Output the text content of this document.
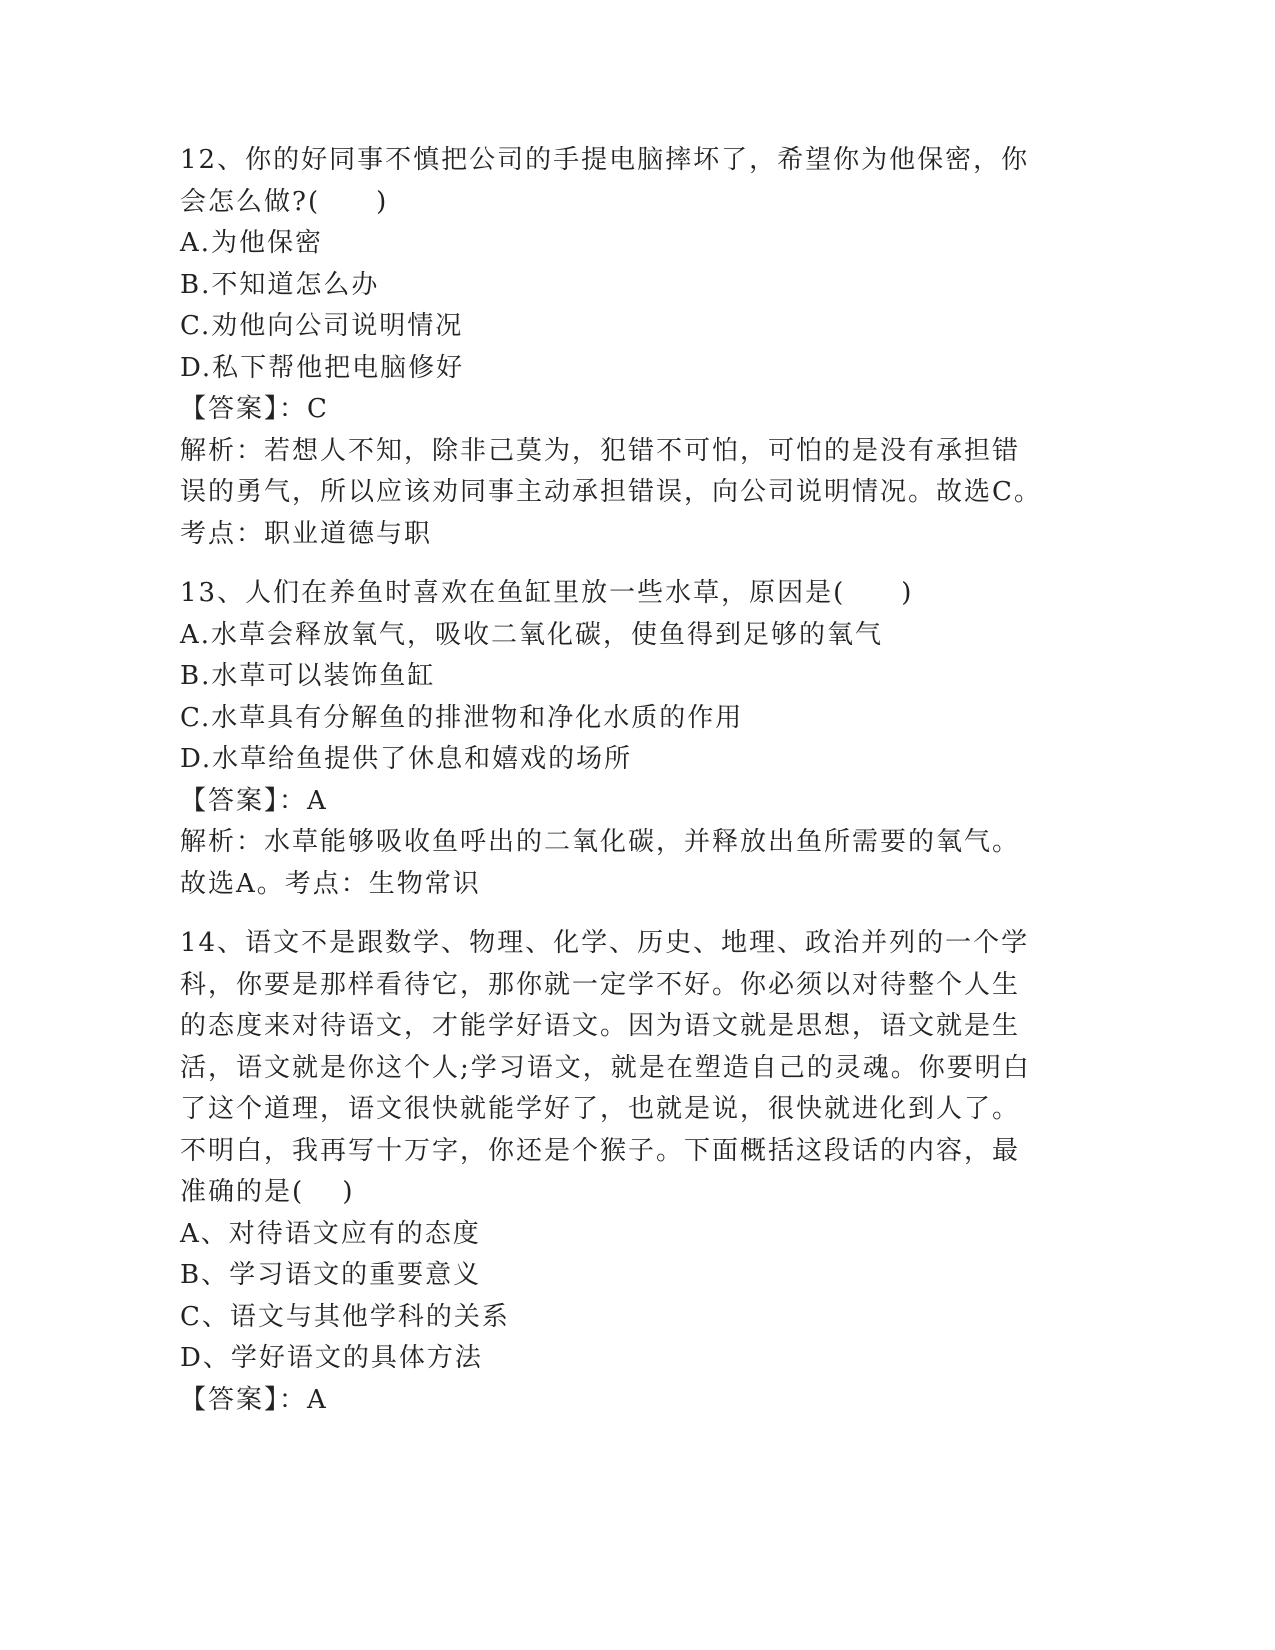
12、你的好同事不慎把公司的手提电脑摔坏了，希望你为他保密，你
会怎么做?(　　)
A.为他保密
B.不知道怎么办
C.劝他向公司说明情况
D.私下帮他把电脑修好
【答案】：C
解析：若想人不知，除非己莫为，犯错不可怕，可怕的是没有承担错
误的勇气，所以应该劝同事主动承担错误，向公司说明情况。故选C。
考点：职业道德与职
13、人们在养鱼时喜欢在鱼缸里放一些水草，原因是(　　)
A.水草会释放氧气，吸收二氧化碳，使鱼得到足够的氧气
B.水草可以装饰鱼缸
C.水草具有分解鱼的排泄物和净化水质的作用
D.水草给鱼提供了休息和嬉戏的场所
【答案】：A
解析：水草能够吸收鱼呼出的二氧化碳，并释放出鱼所需要的氧气。
故选A。考点：生物常识
14、语文不是跟数学、物理、化学、历史、地理、政治并列的一个学
科，你要是那样看待它，那你就一定学不好。你必须以对待整个人生
的态度来对待语文，才能学好语文。因为语文就是思想，语文就是生
活，语文就是你这个人;学习语文，就是在塑造自己的灵魂。你要明白
了这个道理，语文很快就能学好了，也就是说，很快就进化到人了。
不明白，我再写十万字，你还是个猴子。下面概括这段话的内容，最
准确的是(　 )
A、对待语文应有的态度
B、学习语文的重要意义
C、语文与其他学科的关系
D、学好语文的具体方法
【答案】：A
